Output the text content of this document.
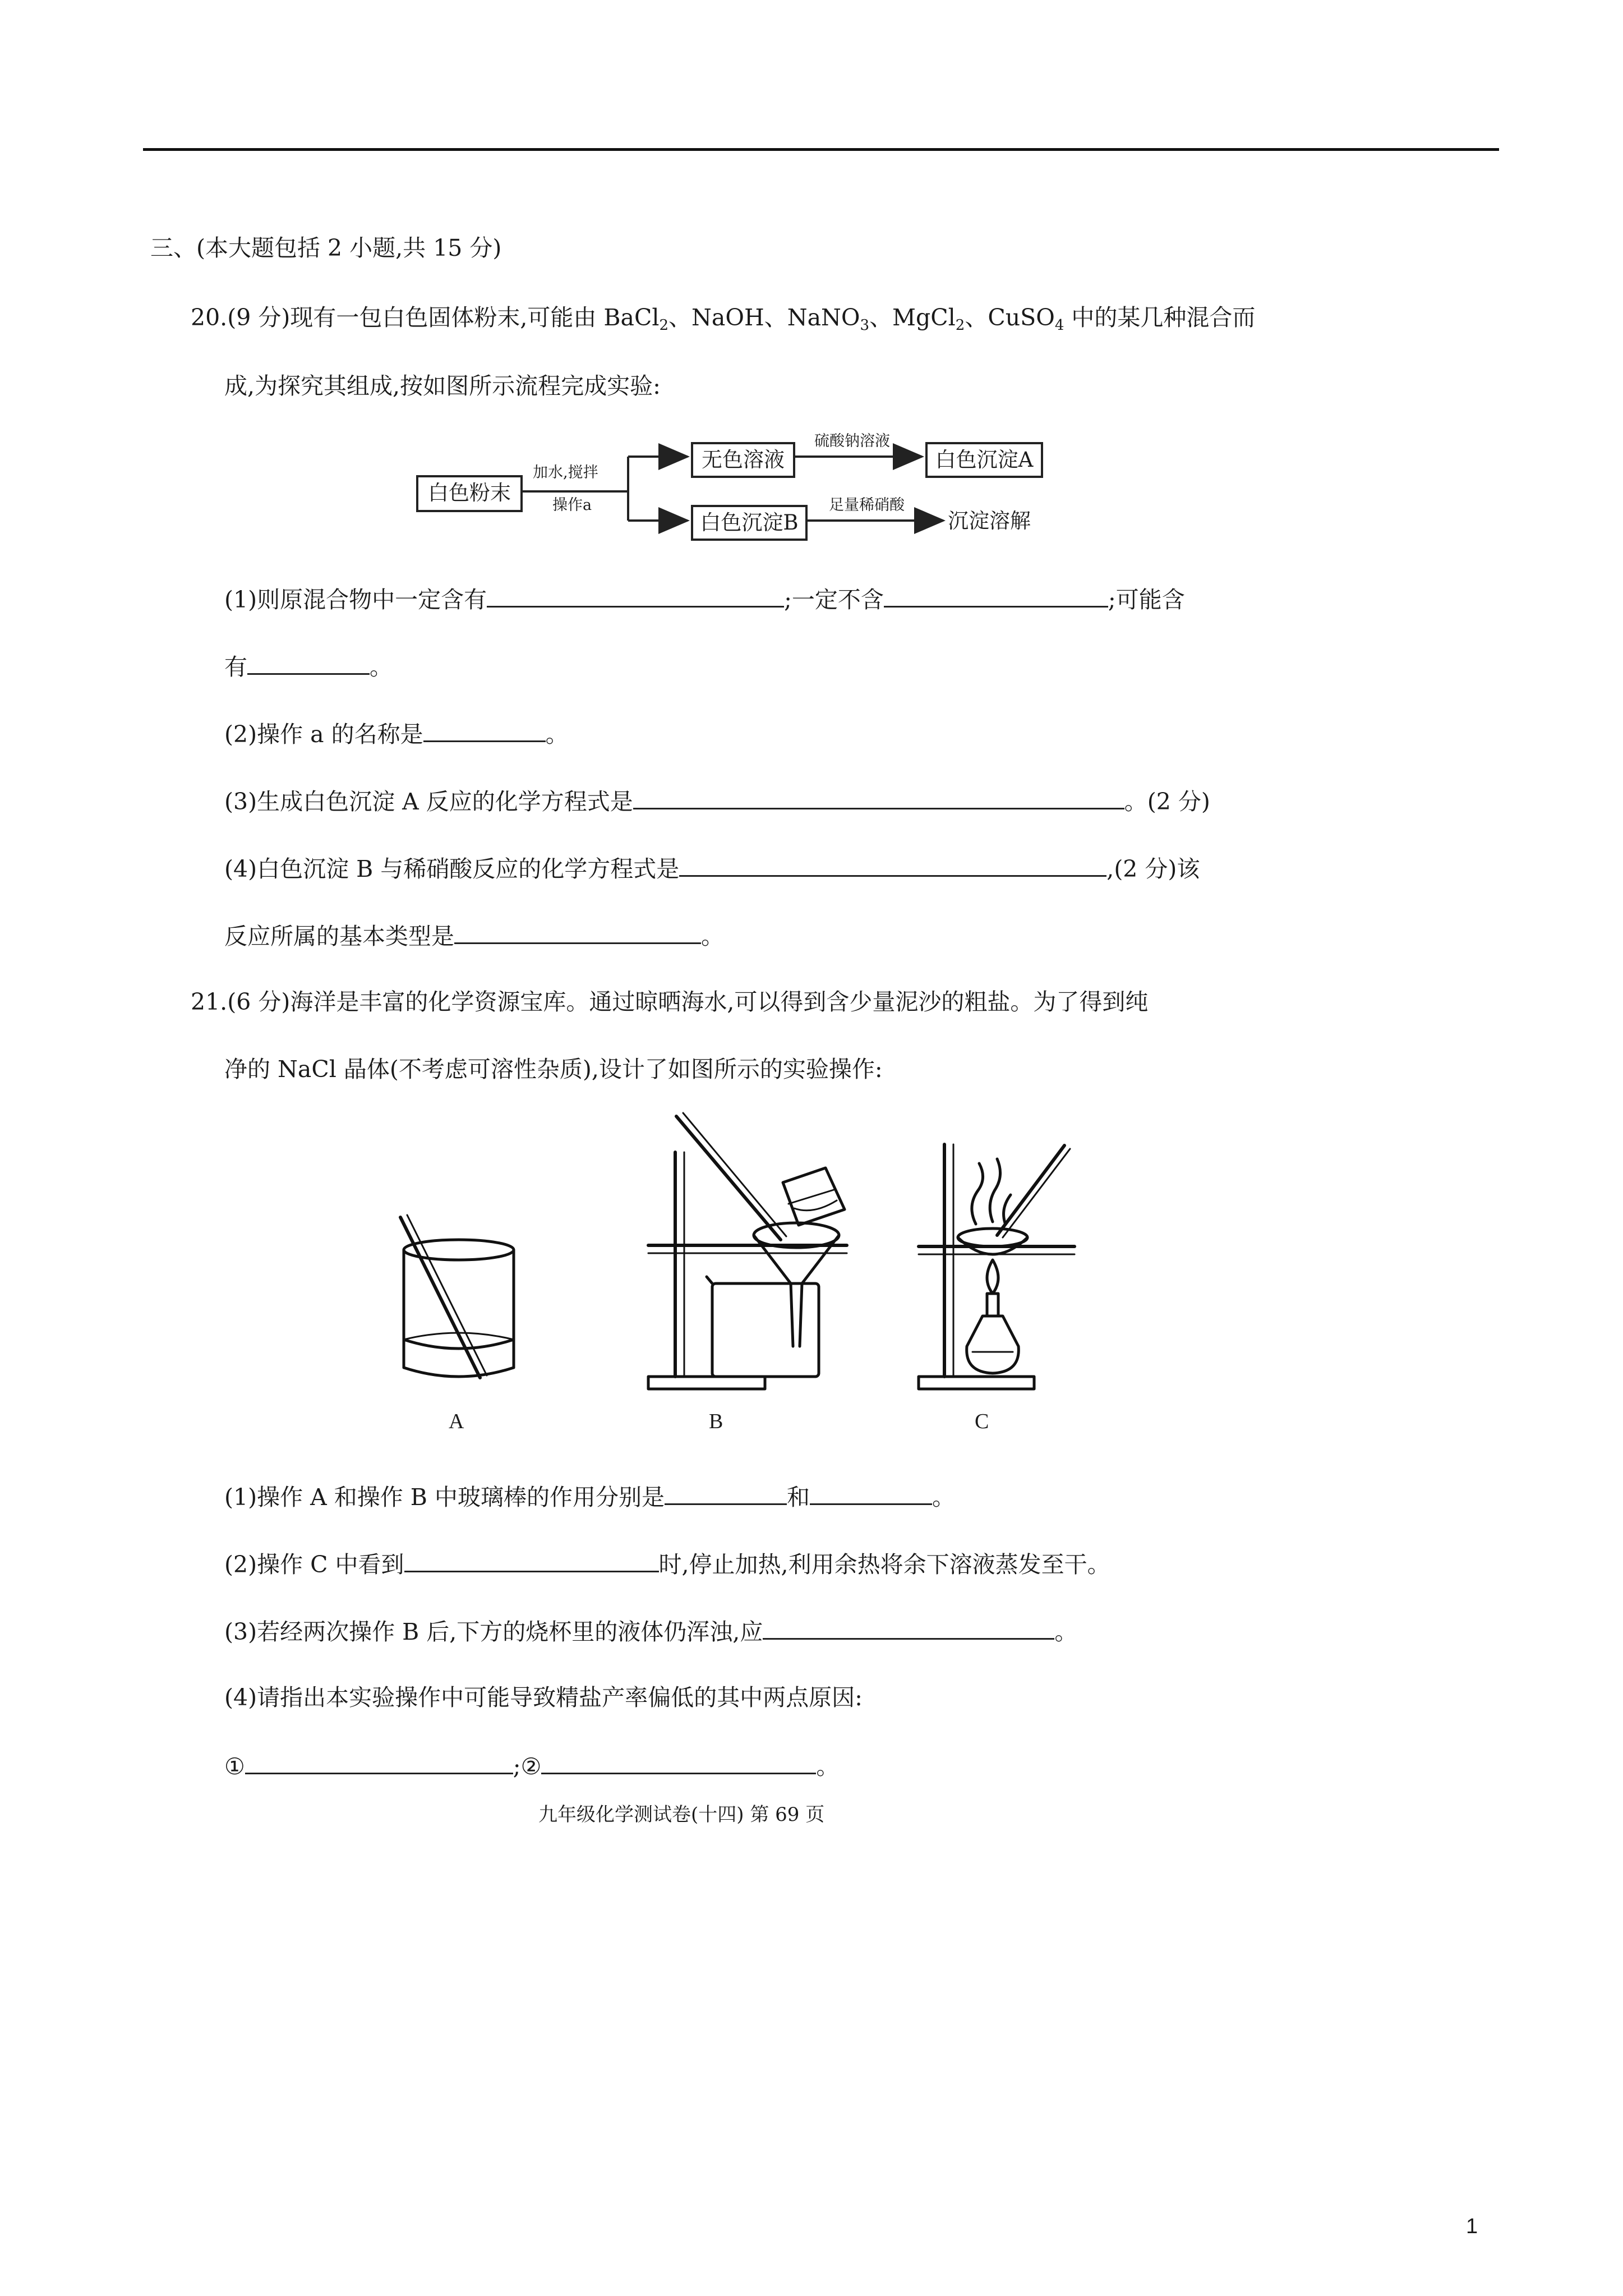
三、(本大题包括 2 小题,共 15 分)
20.(9 分)现有一包白色固体粉末,可能由 BaCl$_2$、NaOH、NaNO$_3$、MgCl$_2$、CuSO$_4$ 中的某几种混合而
成,为探究其组成,按如图所示流程完成实验:
白色粉末
无色溶液	白色沉淀A
白色沉淀B
加水,搅拌
操作a
硫酸钠溶液
足量稀硝酸
沉淀溶解
(1)则原混合物中一定含有	;一定不含	;可能含
有	。
(2)操作 a 的名称是	。
(3)生成白色沉淀 A 反应的化学方程式是	。(2 分)
(4)白色沉淀 B 与稀硝酸反应的化学方程式是	,(2 分)该
反应所属的基本类型是	。
21.(6 分)海洋是丰富的化学资源宝库。通过晾晒海水,可以得到含少量泥沙的粗盐。为了得到纯
净的 NaCl 晶体(不考虑可溶性杂质),设计了如图所示的实验操作:
A	B	C
(1)操作 A 和操作 B 中玻璃棒的作用分别是	和	。
(2)操作 C 中看到	时,停止加热,利用余热将余下溶液蒸发至干。
(3)若经两次操作 B 后,下方的烧杯里的液体仍浑浊,应	。
(4)请指出本实验操作中可能导致精盐产率偏低的其中两点原因:
①	;②	。
九年级化学测试卷(十四) 第 69 页
1
